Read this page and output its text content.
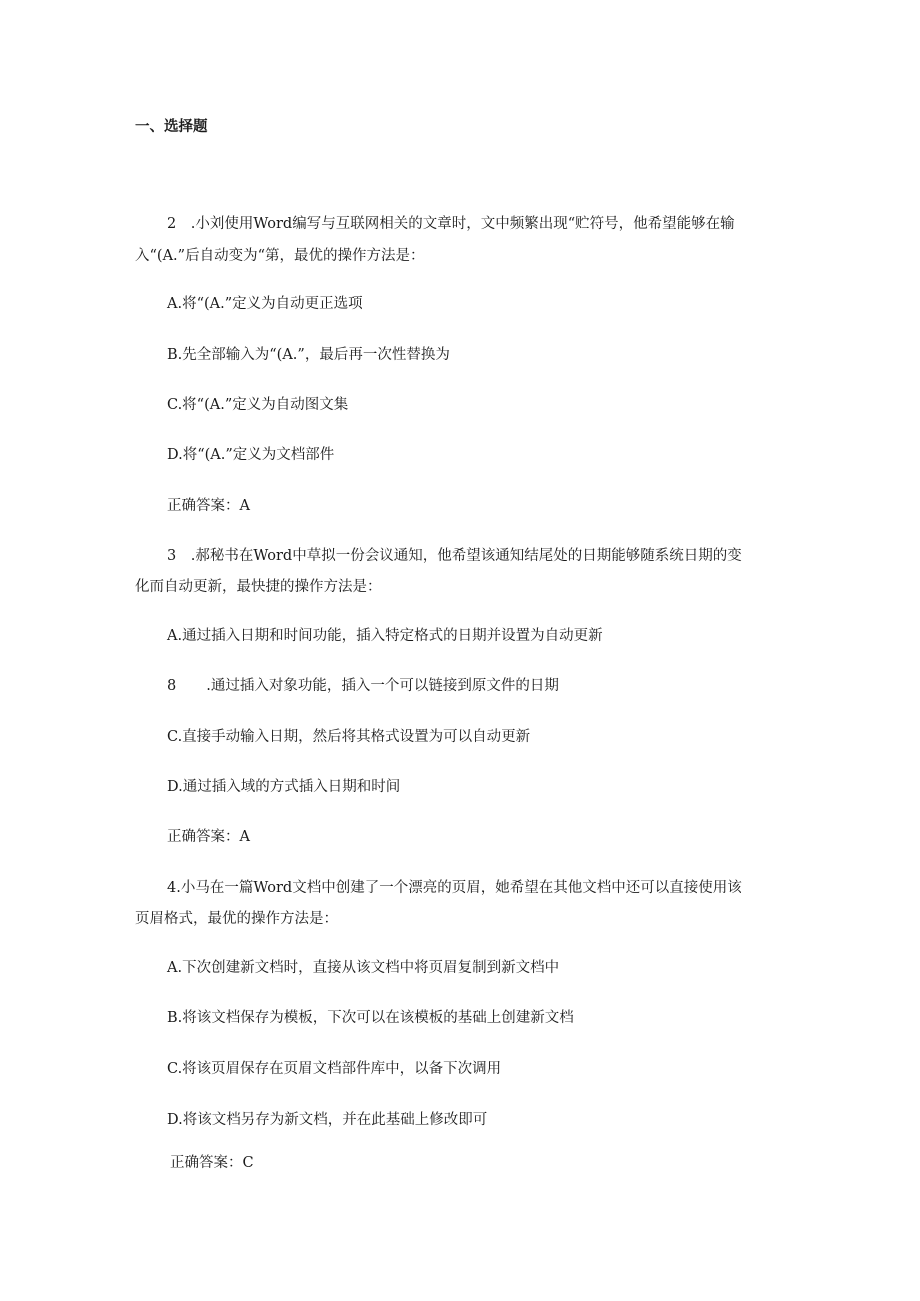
一、选择题
2　.小刘使用Word编写与互联网相关的文章时，文中频繁出现“贮符号，他希望能够在输
入“(A.”后自动变为“第，最优的操作方法是：
A.将“(A.”定义为自动更正选项
B.先全部输入为“(A.”，最后再一次性替换为
C.将“(A.”定义为自动图文集
D.将“(A.”定义为文档部件
正确答案：A
3　.郝秘书在Word中草拟一份会议通知，他希望该通知结尾处的日期能够随系统日期的变
化而自动更新，最快捷的操作方法是：
A.通过插入日期和时间功能，插入特定格式的日期并设置为自动更新
8 .通过插入对象功能，插入一个可以链接到原文件的日期
C.直接手动输入日期，然后将其格式设置为可以自动更新
D.通过插入域的方式插入日期和时间
正确答案：A
4.小马在一篇Word文档中创建了一个漂亮的页眉，她希望在其他文档中还可以直接使用该
页眉格式，最优的操作方法是：
A.下次创建新文档时，直接从该文档中将页眉复制到新文档中
B.将该文档保存为模板，下次可以在该模板的基础上创建新文档
C.将该页眉保存在页眉文档部件库中，以备下次调用
D.将该文档另存为新文档，并在此基础上修改即可
正确答案：C
